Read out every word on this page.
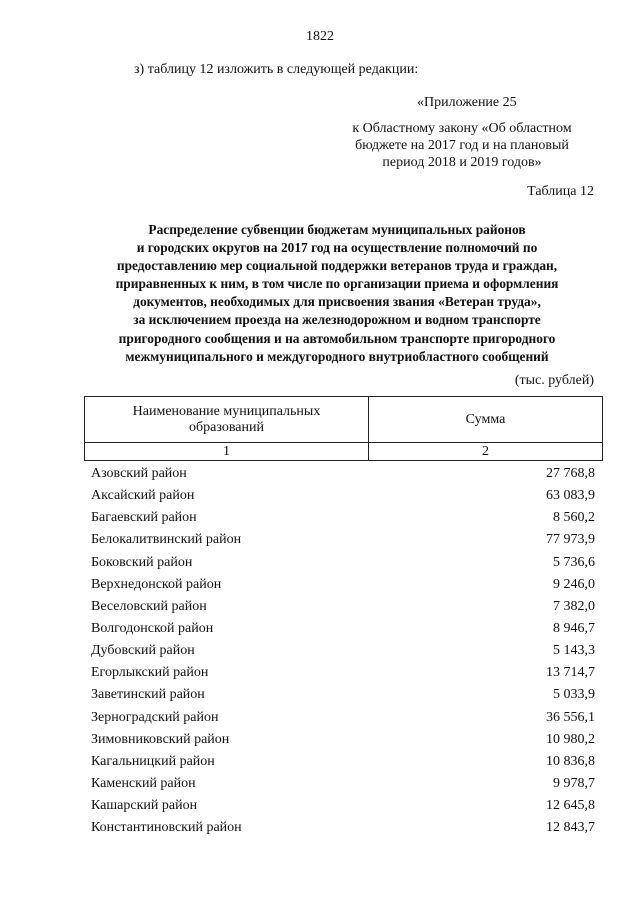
1822
з) таблицу 12 изложить в следующей редакции:
«Приложение 25
к Областному закону «Об областном
бюджете на 2017 год и на плановый
период 2018 и 2019 годов»
Таблица 12
Распределение субвенции бюджетам муниципальных районов
и городских округов на 2017 год на осуществление полномочий по
предоставлению мер социальной поддержки ветеранов труда и граждан,
приравненных к ним, в том числе по организации приема и оформления
документов, необходимых для присвоения звания «Ветеран труда»,
за исключением проезда на железнодорожном и водном транспорте
пригородного сообщения и на автомобильном транспорте пригородного
межмуниципального и междугородного внутриобластного сообщений
(тыс. рублей)
Наименование муниципальных
образований	Сумма
1	2
Азовский район	27 768,8
Аксайский район	63 083,9
Багаевский район	8 560,2
Белокалитвинский район	77 973,9
Боковский район	5 736,6
Верхнедонской район	9 246,0
Веселовский район	7 382,0
Волгодонской район	8 946,7
Дубовский район	5 143,3
Егорлыкский район	13 714,7
Заветинский район	5 033,9
Зерноградский район	36 556,1
Зимовниковский район	10 980,2
Кагальницкий район	10 836,8
Каменский район	9 978,7
Кашарский район	12 645,8
Константиновский район	12 843,7
